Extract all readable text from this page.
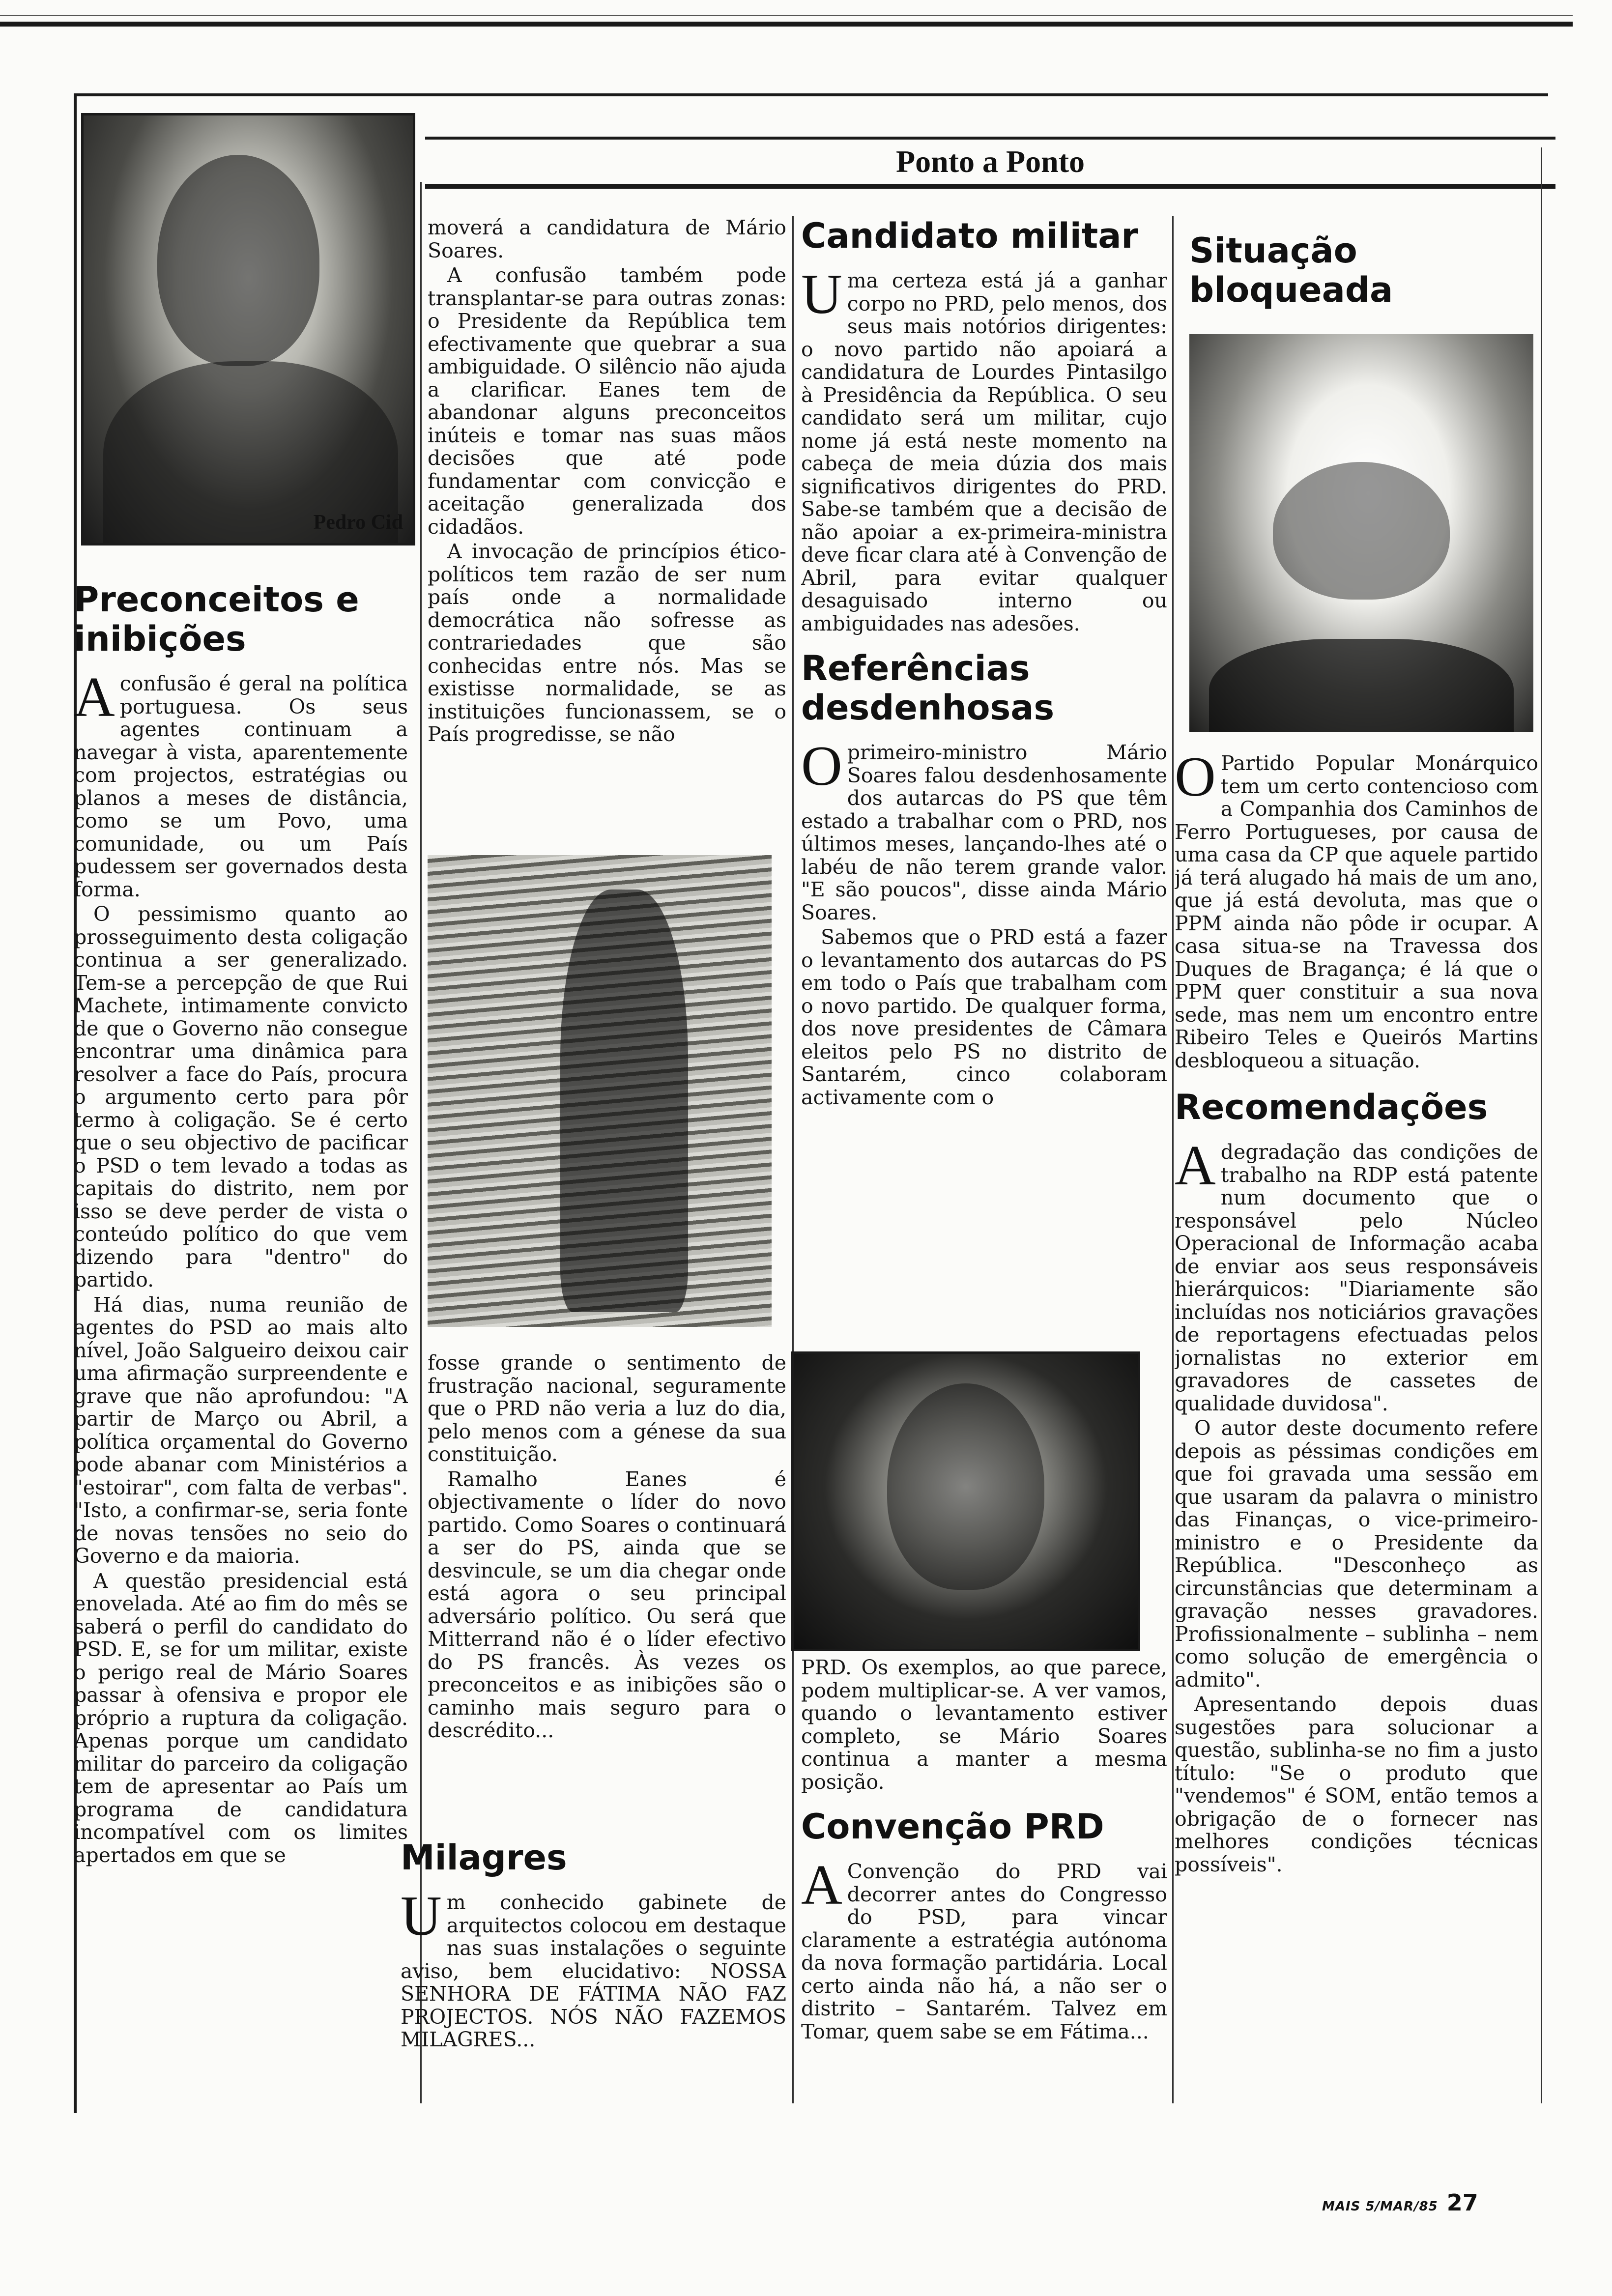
Ponto a Ponto
Pedro Cid
Preconceitos e inibições

Aconfusão é geral na política portuguesa. Os seus agentes continuam a navegar à vista, aparentemente com projectos, estratégias ou planos a meses de distância, como se um Povo, uma comunidade, ou um País pudessem ser governados desta forma.

O pessimismo quanto ao prosseguimento desta coligação continua a ser generalizado. Tem-se a percepção de que Rui Machete, intimamente convicto de que o Governo não consegue encontrar uma dinâmica para resolver a face do País, procura o argumento certo para pôr termo à coligação. Se é certo que o seu objectivo de pacificar o PSD o tem levado a todas as capitais do distrito, nem por isso se deve perder de vista o conteúdo político do que vem dizendo para "dentro" do partido.

Há dias, numa reunião de agentes do PSD ao mais alto nível, João Salgueiro deixou cair uma afirmação surpreendente e grave que não aprofundou: "A partir de Março ou Abril, a política orçamental do Governo pode abanar com Ministérios a "estoirar", com falta de verbas". "Isto, a confirmar-se, seria fonte de novas tensões no seio do Governo e da maioria.

A questão presidencial está enovelada. Até ao fim do mês se saberá o perfil do candidato do PSD. E, se for um militar, existe o perigo real de Mário Soares passar à ofensiva e propor ele próprio a ruptura da coligação. Apenas porque um candidato militar do parceiro da coligação tem de apresentar ao País um programa de candidatura incompatível com os limites apertados em que se

moverá a candidatura de Mário Soares.

A confusão também pode transplantar-se para outras zonas: o Presidente da República tem efectivamente que quebrar a sua ambiguidade. O silêncio não ajuda a clarificar. Eanes tem de abandonar alguns preconceitos inúteis e tomar nas suas mãos decisões que até pode fundamentar com convicção e aceitação generalizada dos cidadãos.

A invocação de princípios ético-políticos tem razão de ser num país onde a normalidade democrática não sofresse as contrariedades que são conhecidas entre nós. Mas se existisse normalidade, se as instituições funcionassem, se o País progredisse, se não

fosse grande o sentimento de frustração nacional, seguramente que o PRD não veria a luz do dia, pelo menos com a génese da sua constituição.

Ramalho Eanes é objectivamente o líder do novo partido. Como Soares o continuará a ser do PS, ainda que se desvincule, se um dia chegar onde está agora o seu principal adversário político. Ou será que Mitterrand não é o líder efectivo do PS francês. Às vezes os preconceitos e as inibições são o caminho mais seguro para o descrédito...

Milagres

Um conhecido gabinete de arquitectos colocou em destaque nas suas instalações o seguinte aviso, bem elucidativo: NOSSA SENHORA DE FÁTIMA NÃO FAZ PROJECTOS. NÓS NÃO FAZEMOS MILAGRES...

Candidato militar

Uma certeza está já a ganhar corpo no PRD, pelo menos, dos seus mais notórios dirigentes: o novo partido não apoiará a candidatura de Lourdes Pintasilgo à Presidência da República. O seu candidato será um militar, cujo nome já está neste momento na cabeça de meia dúzia dos mais significativos dirigentes do PRD. Sabe-se também que a decisão de não apoiar a ex-primeira-ministra deve ficar clara até à Convenção de Abril, para evitar qualquer desaguisado interno ou ambiguidades nas adesões.

Referências desdenhosas

Oprimeiro-ministro Mário Soares falou desdenhosamente dos autarcas do PS que têm estado a trabalhar com o PRD, nos últimos meses, lançando-lhes até o labéu de não terem grande valor. "E são poucos", disse ainda Mário Soares.

Sabemos que o PRD está a fazer o levantamento dos autarcas do PS em todo o País que trabalham com o novo partido. De qualquer forma, dos nove presidentes de Câmara eleitos pelo PS no distrito de Santarém, cinco colaboram activamente com o

PRD. Os exemplos, ao que parece, podem multiplicar-se. A ver vamos, quando o levantamento estiver completo, se Mário Soares continua a manter a mesma posição.

Convenção PRD

A Convenção do PRD vai decorrer antes do Congresso do PSD, para vincar claramente a estratégia autónoma da nova formação partidária. Local certo ainda não há, a não ser o distrito – Santarém. Talvez em Tomar, quem sabe se em Fátima...

Situação bloqueada

O Partido Popular Monárquico tem um certo contencioso com a Companhia dos Caminhos de Ferro Portugueses, por causa de uma casa da CP que aquele partido já terá alugado há mais de um ano, que já está devoluta, mas que o PPM ainda não pôde ir ocupar. A casa situa-se na Travessa dos Duques de Bragança; é lá que o PPM quer constituir a sua nova sede, mas nem um encontro entre Ribeiro Teles e Queirós Martins desbloqueou a situação.

Recomendações

Adegradação das condições de trabalho na RDP está patente num documento que o responsável pelo Núcleo Operacional de Informação acaba de enviar aos seus responsáveis hierárquicos: "Diariamente são incluídas nos noticiários gravações de reportagens efectuadas pelos jornalistas no exterior em gravadores de cassetes de qualidade duvidosa".

O autor deste documento refere depois as péssimas condições em que foi gravada uma sessão em que usaram da palavra o ministro das Finanças, o vice-primeiro-ministro e o Presidente da República. "Desconheço as circunstâncias que determinam a gravação nesses gravadores. Profissionalmente – sublinha – nem como solução de emergência o admito".

Apresentando depois duas sugestões para solucionar a questão, sublinha-se no fim a justo título: "Se o produto que "vendemos" é SOM, então temos a obrigação de o fornecer nas melhores condições técnicas possíveis".

MAIS 5/MAR/85 27
